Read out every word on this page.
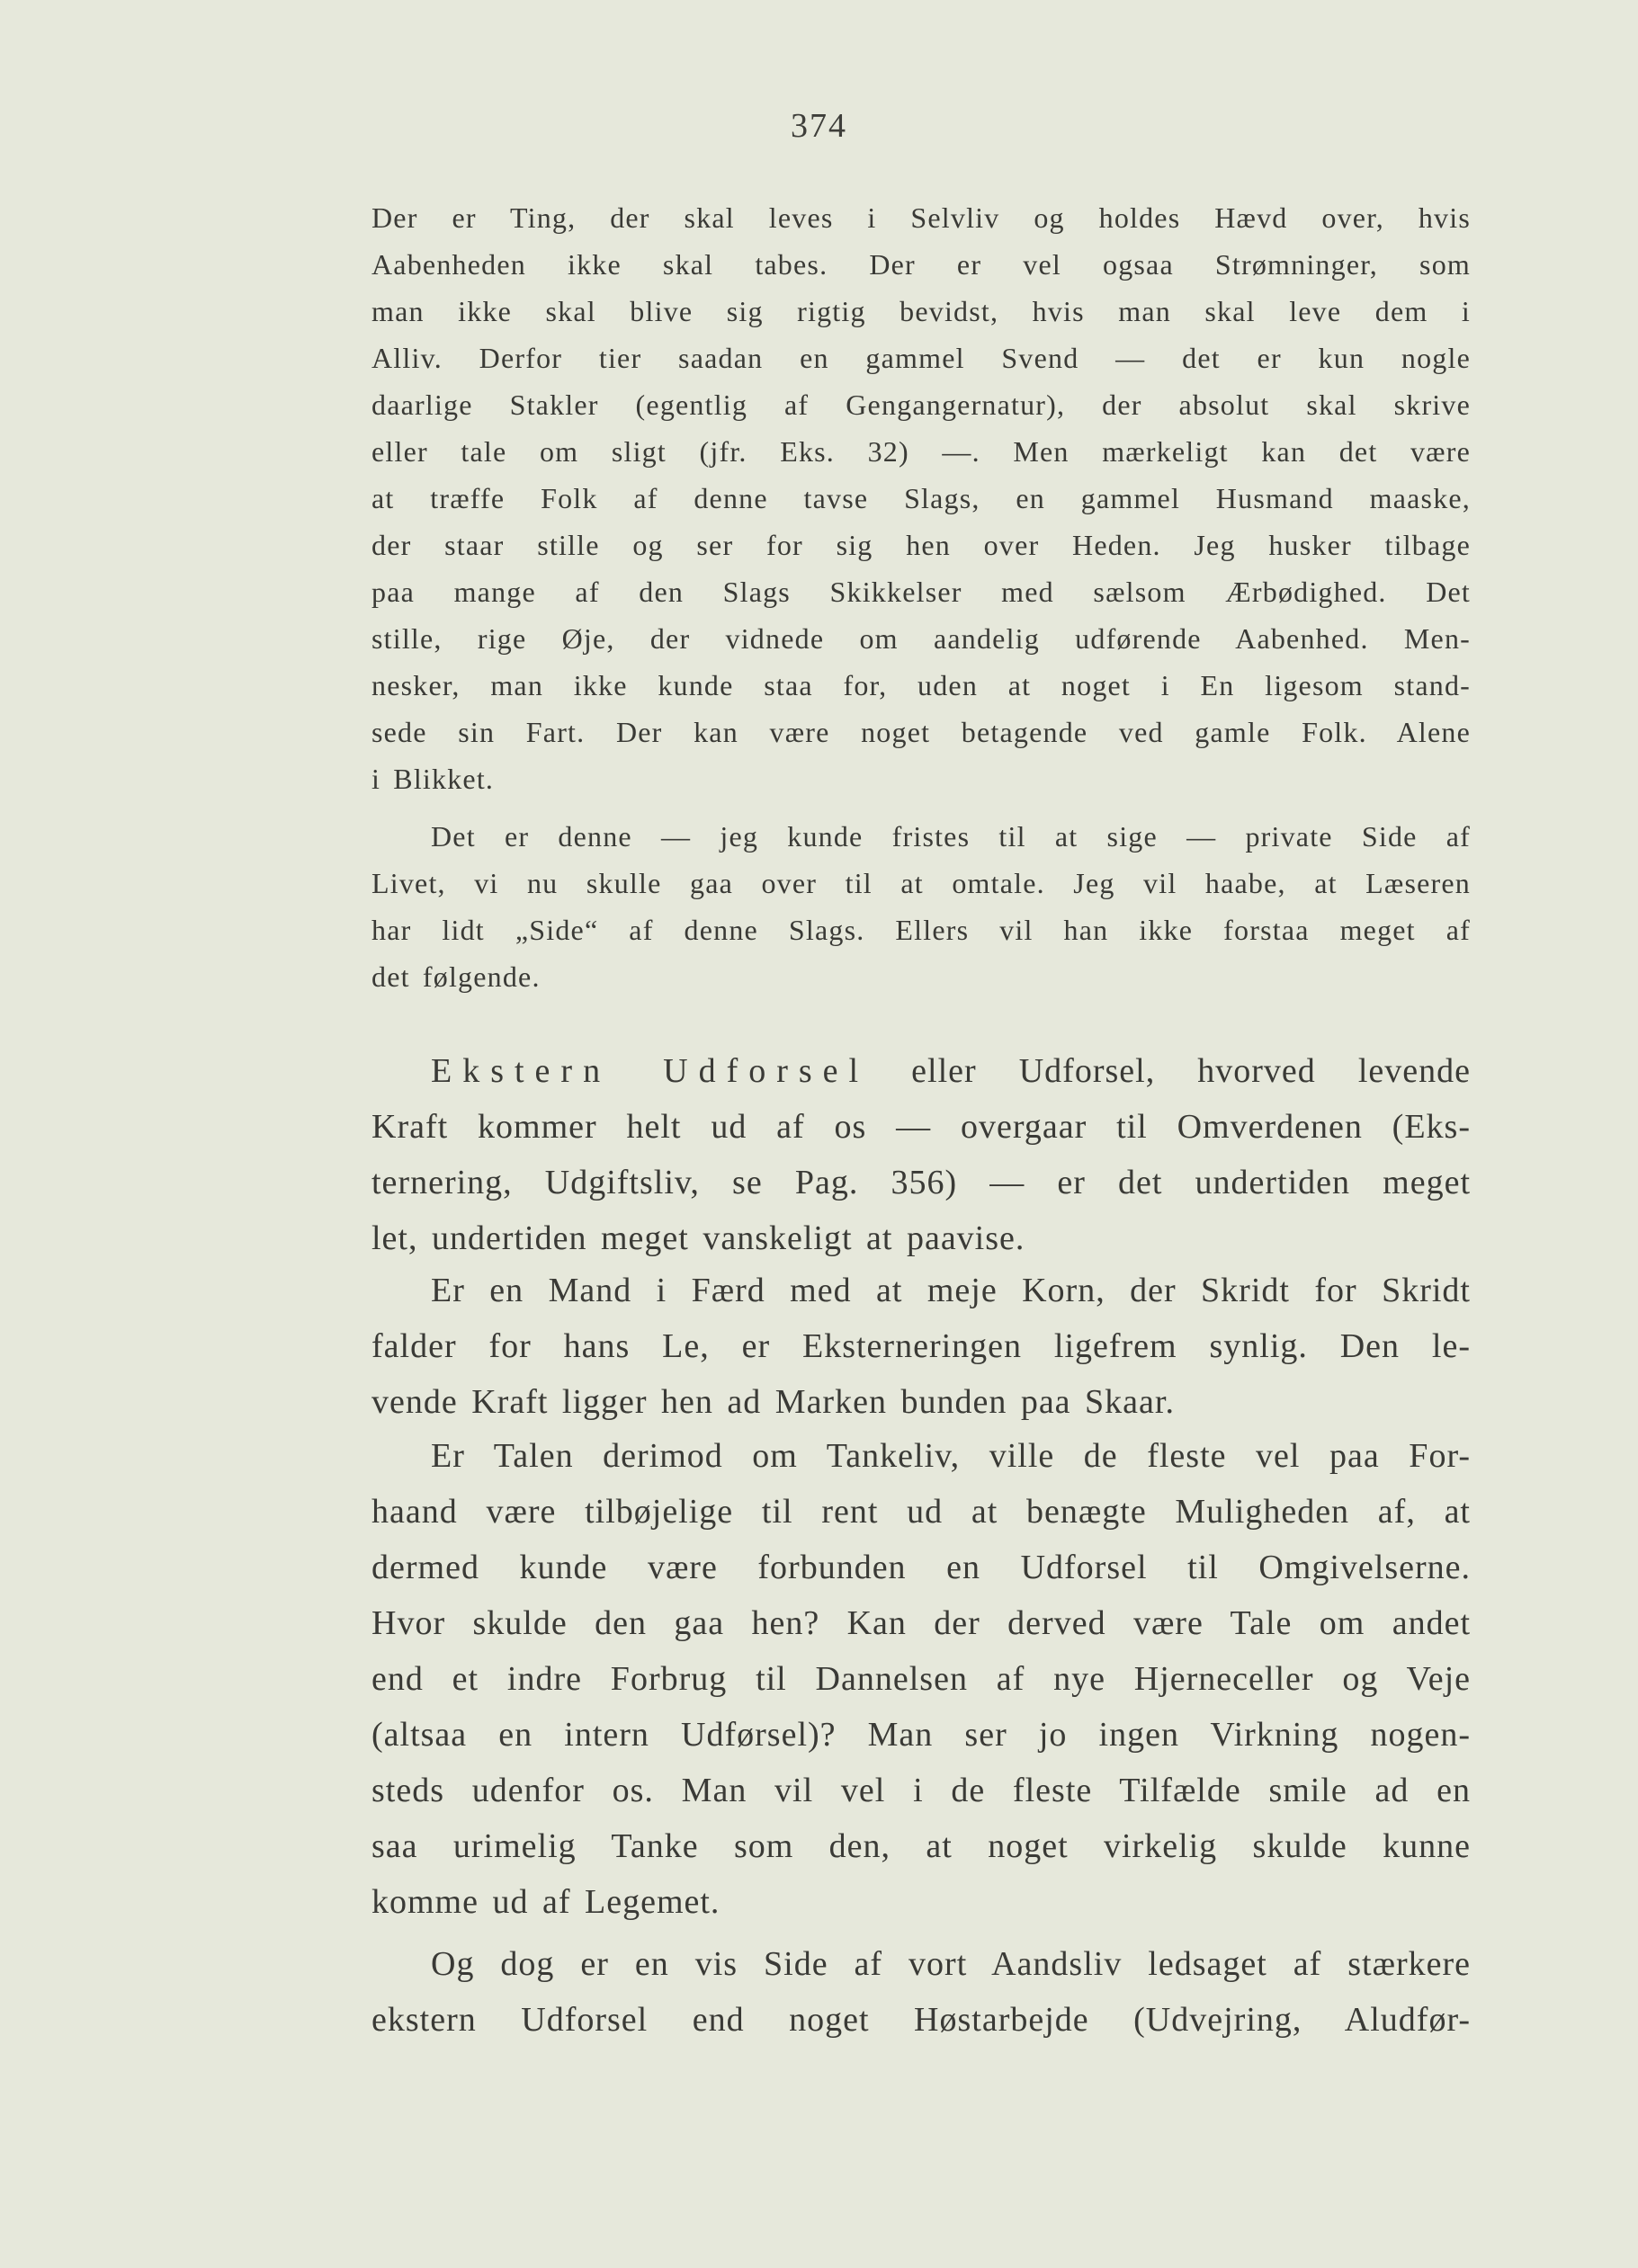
374
Der er Ting, der skal leves i Selvliv og holdes Hævd over, hvis
Aabenheden ikke skal tabes. Der er vel ogsaa Strømninger, som
man ikke skal blive sig rigtig bevidst, hvis man skal leve dem i
Alliv. Derfor tier saadan en gammel Svend — det er kun nogle
daarlige Stakler (egentlig af Gengangernatur), der absolut skal skrive
eller tale om sligt (jfr. Eks. 32) —. Men mærkeligt kan det være
at træffe Folk af denne tavse Slags, en gammel Husmand maaske,
der staar stille og ser for sig hen over Heden. Jeg husker tilbage
paa mange af den Slags Skikkelser med sælsom Ærbødighed. Det
stille, rige Øje, der vidnede om aandelig udførende Aabenhed. Men-
nesker, man ikke kunde staa for, uden at noget i En ligesom stand-
sede sin Fart. Der kan være noget betagende ved gamle Folk. Alene
i Blikket.
Det er denne — jeg kunde fristes til at sige — private Side af
Livet, vi nu skulle gaa over til at omtale. Jeg vil haabe, at Læseren
har lidt „Side“ af denne Slags. Ellers vil han ikke forstaa meget af
det følgende.
Ekstern Udforsel eller Udforsel, hvorved levende
Kraft kommer helt ud af os — overgaar til Omverdenen (Eks-
ternering, Udgiftsliv, se Pag. 356) — er det undertiden meget
let, undertiden meget vanskeligt at paavise.
Er en Mand i Færd med at meje Korn, der Skridt for Skridt
falder for hans Le, er Eksterneringen ligefrem synlig. Den le-
vende Kraft ligger hen ad Marken bunden paa Skaar.
Er Talen derimod om Tankeliv, ville de fleste vel paa For-
haand være tilbøjelige til rent ud at benægte Muligheden af, at
dermed kunde være forbunden en Udforsel til Omgivelserne.
Hvor skulde den gaa hen? Kan der derved være Tale om andet
end et indre Forbrug til Dannelsen af nye Hjerneceller og Veje
(altsaa en intern Udførsel)? Man ser jo ingen Virkning nogen-
steds udenfor os. Man vil vel i de fleste Tilfælde smile ad en
saa urimelig Tanke som den, at noget virkelig skulde kunne
komme ud af Legemet.
Og dog er en vis Side af vort Aandsliv ledsaget af stærkere
ekstern Udforsel end noget Høstarbejde (Udvejring, Aludfør-
